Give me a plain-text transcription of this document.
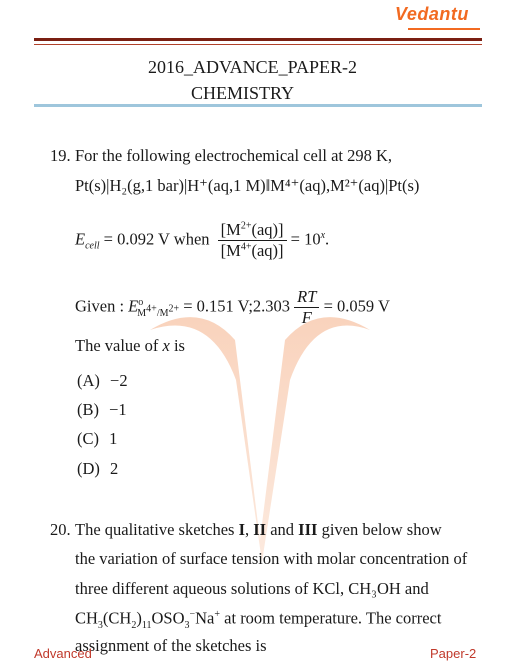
Vedantu
2016_ADVANCE_PAPER-2
CHEMISTRY
19. For the following electrochemical cell at 298 K,
Pt(s)|H₂(g,1 bar)|H⁺(aq,1 M)‖M⁴⁺(aq),M²⁺(aq)|Pt(s)
$E_{cell} = 0.092$ V when $\frac{[M^{2+}(aq)]}{[M^{4+}(aq)]} = 10^x$.
Given : $E^o_{M^{4+}/M^{2+}} = 0.151$ V;2.303 $\frac{RT}{F} = 0.059$ V
The value of x is
(A) −2
(B) −1
(C) 1
(D) 2
20. The qualitative sketches I, II and III given below show
the variation of surface tension with molar concentration of
three different aqueous solutions of KCl, CH₃OH and
$CH_3(CH_2)_{11}OSO_3^-Na^+$ at room temperature. The correct
assignment of the sketches is
Advanced	Paper-2
